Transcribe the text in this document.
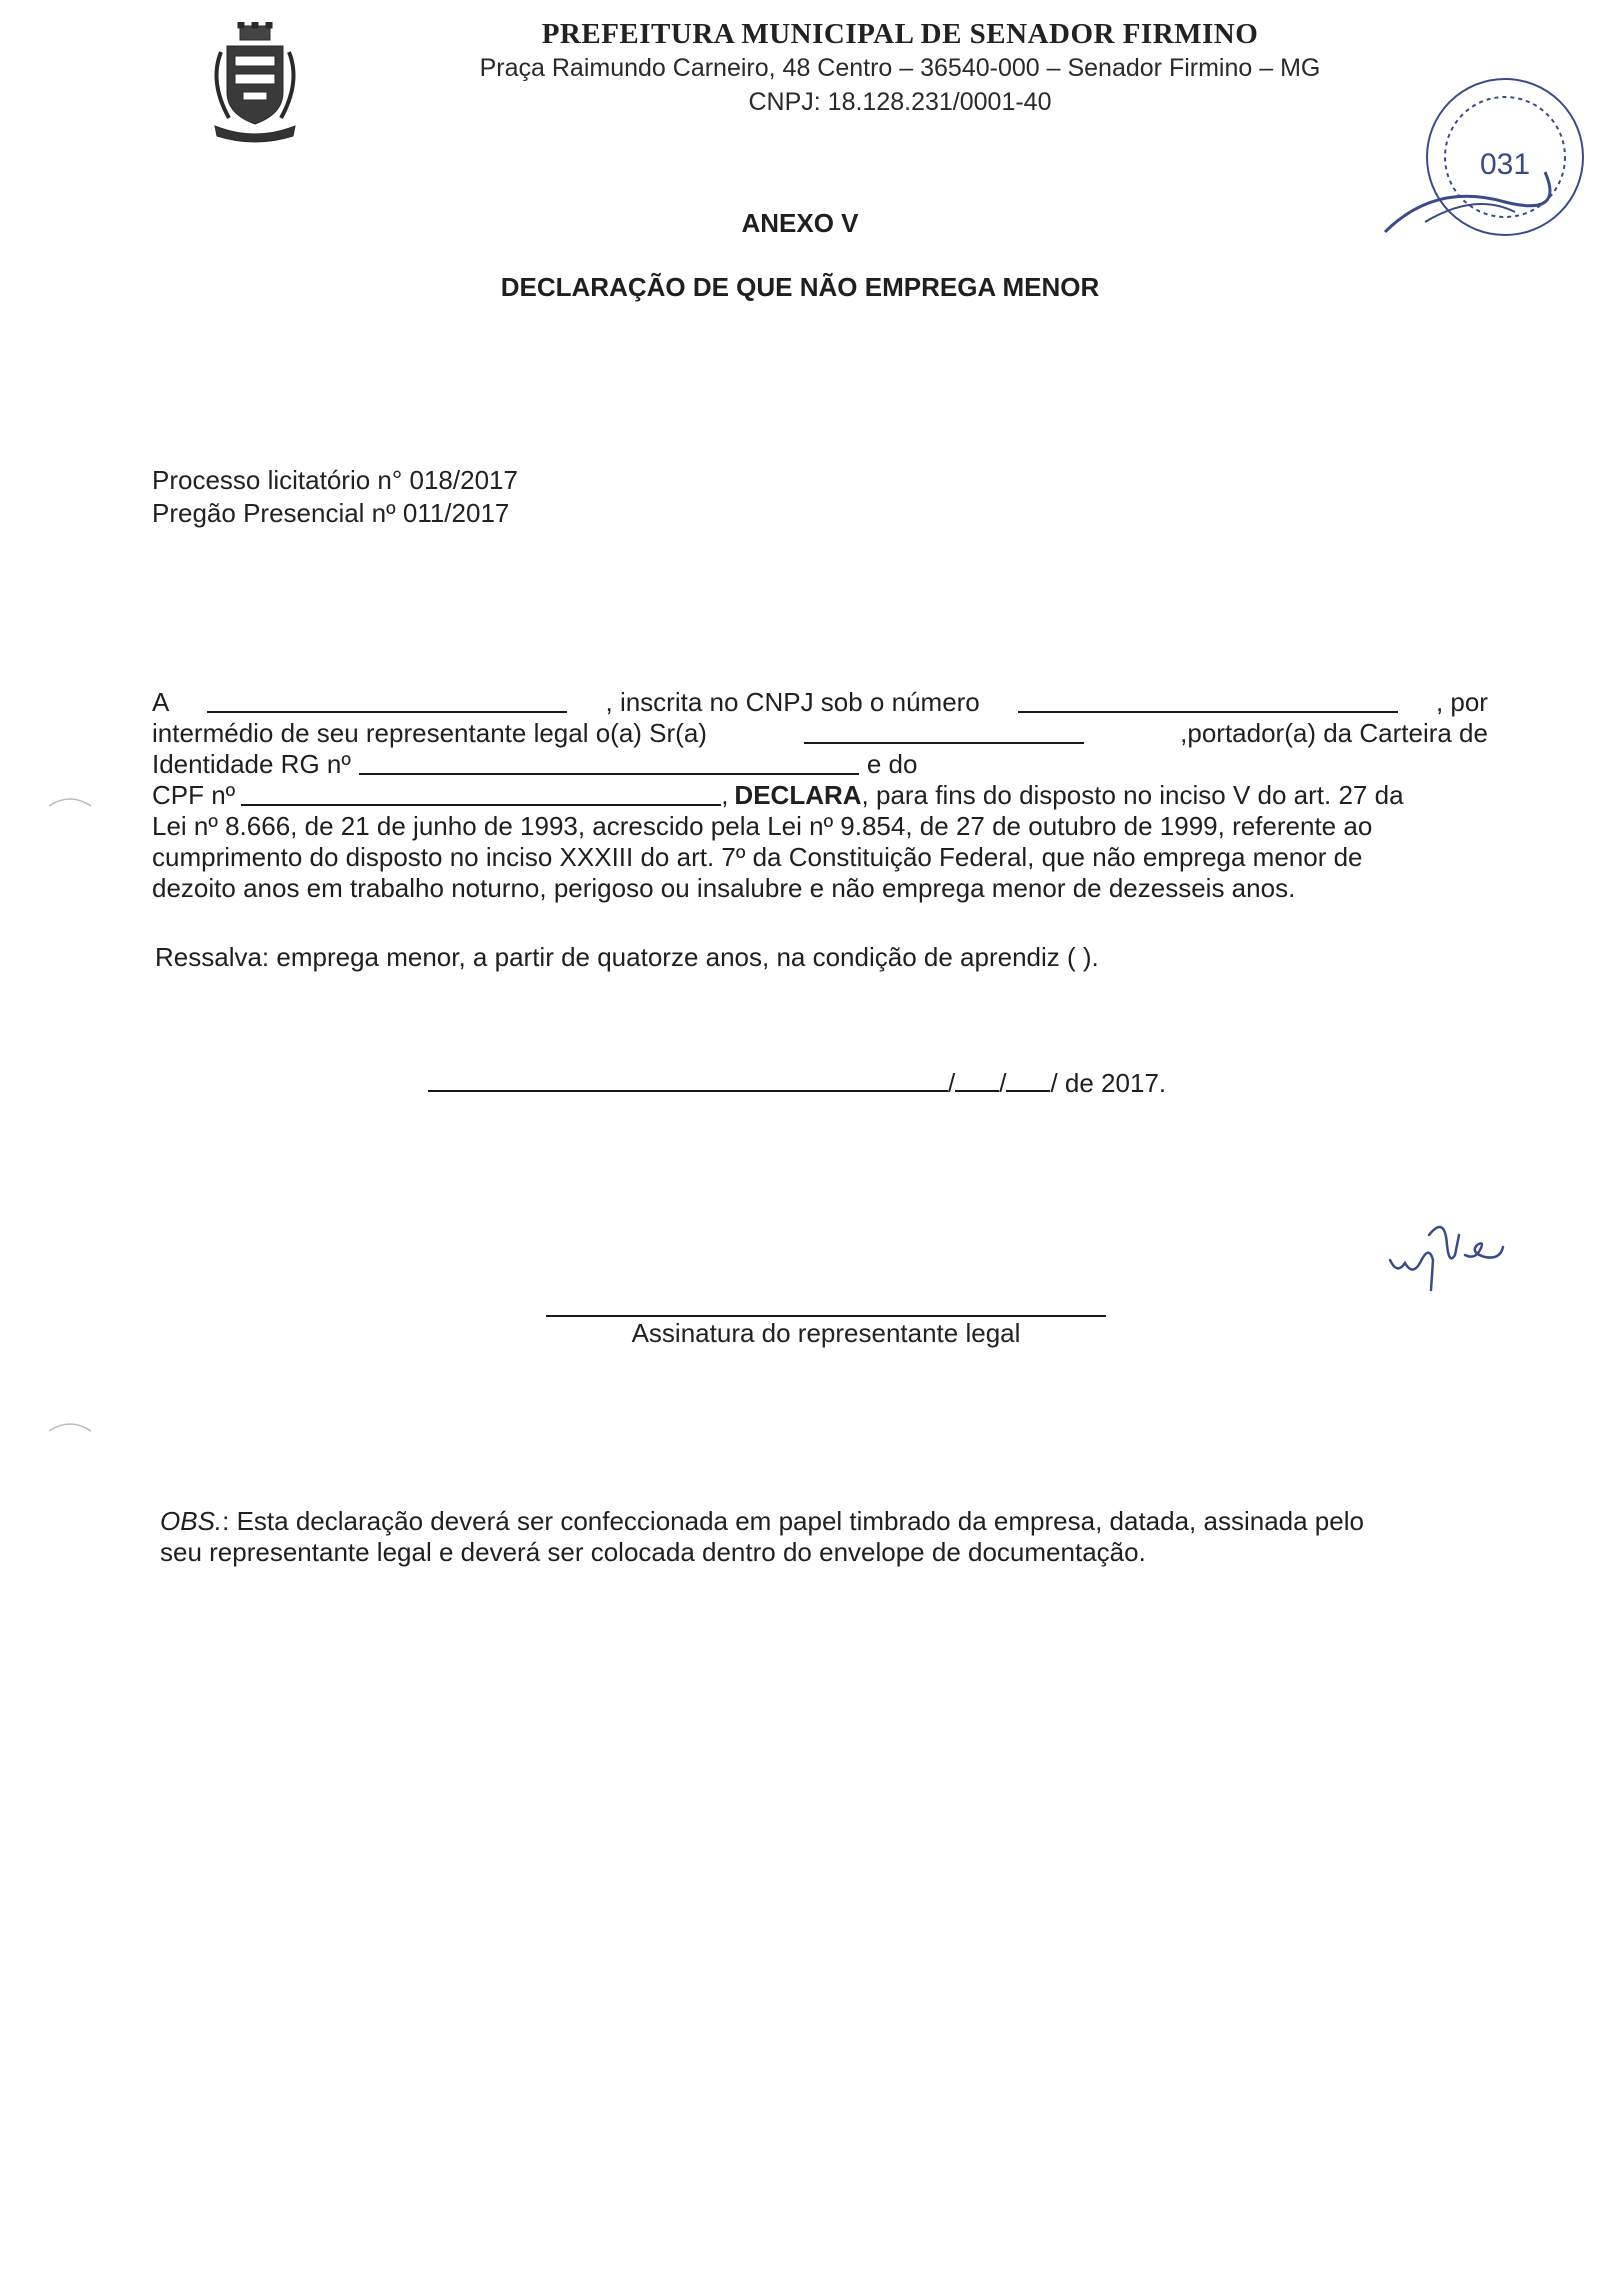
PREFEITURA MUNICIPAL DE SENADOR FIRMINO
Praça Raimundo Carneiro, 48 Centro – 36540-000 – Senador Firmino – MG
CNPJ: 18.128.231/0001-40
031
ANEXO V
DECLARAÇÃO DE QUE NÃO EMPREGA MENOR
Processo licitatório n° 018/2017
Pregão Presencial nº 011/2017
A	, inscrita no CNPJ sob o número	, por
intermédio de seu representante legal o(a) Sr(a)	,portador(a) da Carteira de
Identidade RG nº	e do
CPF nº	, DECLARA , para fins do disposto no inciso V do art. 27 da
Lei nº 8.666, de 21 de junho de 1993, acrescido pela Lei nº 9.854, de 27 de outubro de 1999, referente ao
cumprimento do disposto no inciso XXXIII do art. 7º da Constituição Federal, que não emprega menor de
dezoito anos em trabalho noturno, perigoso ou insalubre e não emprega menor de dezesseis anos.
Ressalva: emprega menor, a partir de quatorze anos, na condição de aprendiz ( ).
/ / / de 2017.
Assinatura do representante legal
OBS.: Esta declaração deverá ser confeccionada em papel timbrado da empresa, datada, assinada pelo
seu representante legal e deverá ser colocada dentro do envelope de documentação.
